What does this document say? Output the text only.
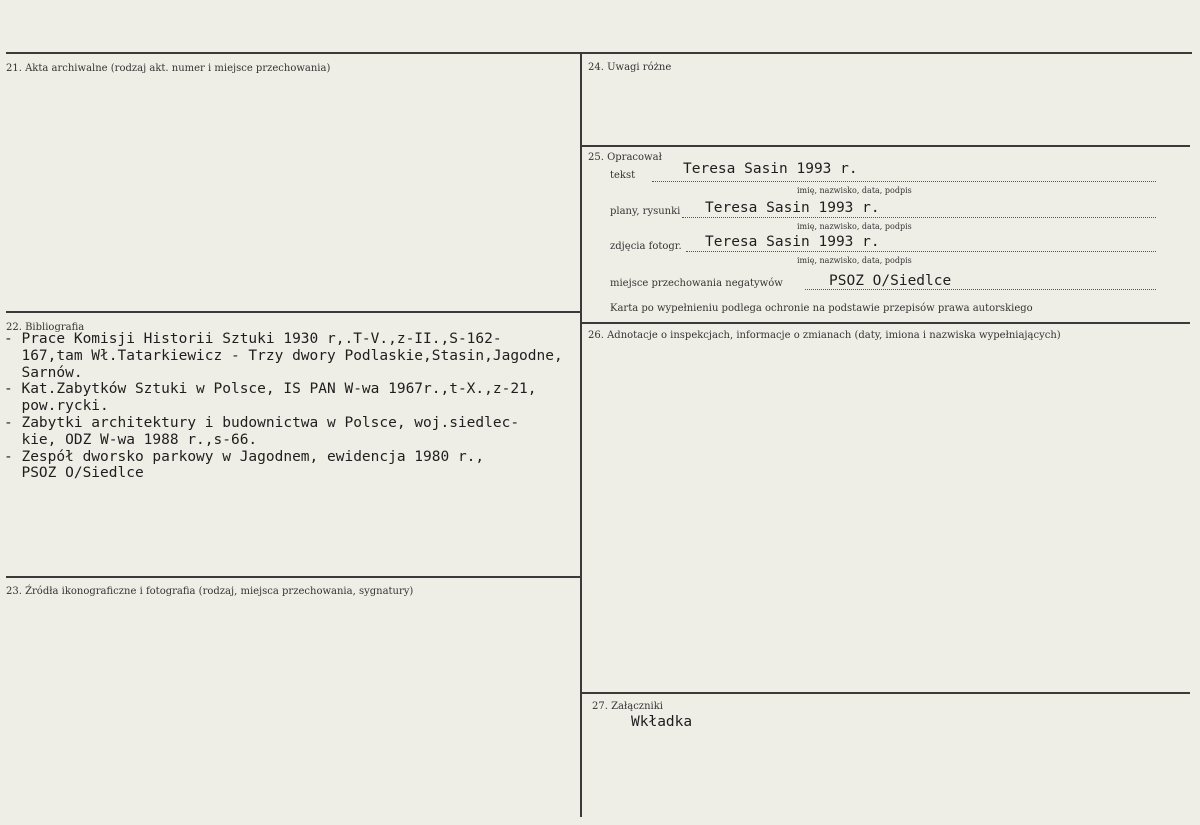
21. Akta archiwalne (rodzaj akt. numer i miejsce przechowania)
22. Bibliografia
- Prace Komisji Historii Sztuki 1930 r,.T-V.,z-II.,S-162-
167,tam Wł.Tatarkiewicz - Trzy dwory Podlaskie,Stasin,Jagodne,
Sarnów.
- Kat.Zabytków Sztuki w Polsce, IS PAN W-wa 1967r.,t-X.,z-21,
pow.rycki.
- Zabytki architektury i budownictwa w Polsce, woj.siedlec-
kie, ODZ W-wa 1988 r.,s-66.
- Zespół dworsko parkowy w Jagodnem, ewidencja 1980 r.,
PSOZ O/Siedlce
23. Źródła ikonograficzne i fotografia (rodzaj, miejsca przechowania, sygnatury)
24. Uwagi różne
25. Opracował
tekst	Teresa Sasin 1993 r.
imię, nazwisko, data, podpis
plany, rysunki Teresa Sasin 1993 r.
imię, nazwisko, data, podpis
zdjęcia fotogr. Teresa Sasin 1993 r.
imię, nazwisko, data, podpis
miejsce przechowania negatywów	PSOZ O/Siedlce
Karta po wypełnieniu podlega ochronie na podstawie przepisów prawa autorskiego
26. Adnotacje o inspekcjach, informacje o zmianach (daty, imiona i nazwiska wypełniających)
27. Załączniki
Wkładka
